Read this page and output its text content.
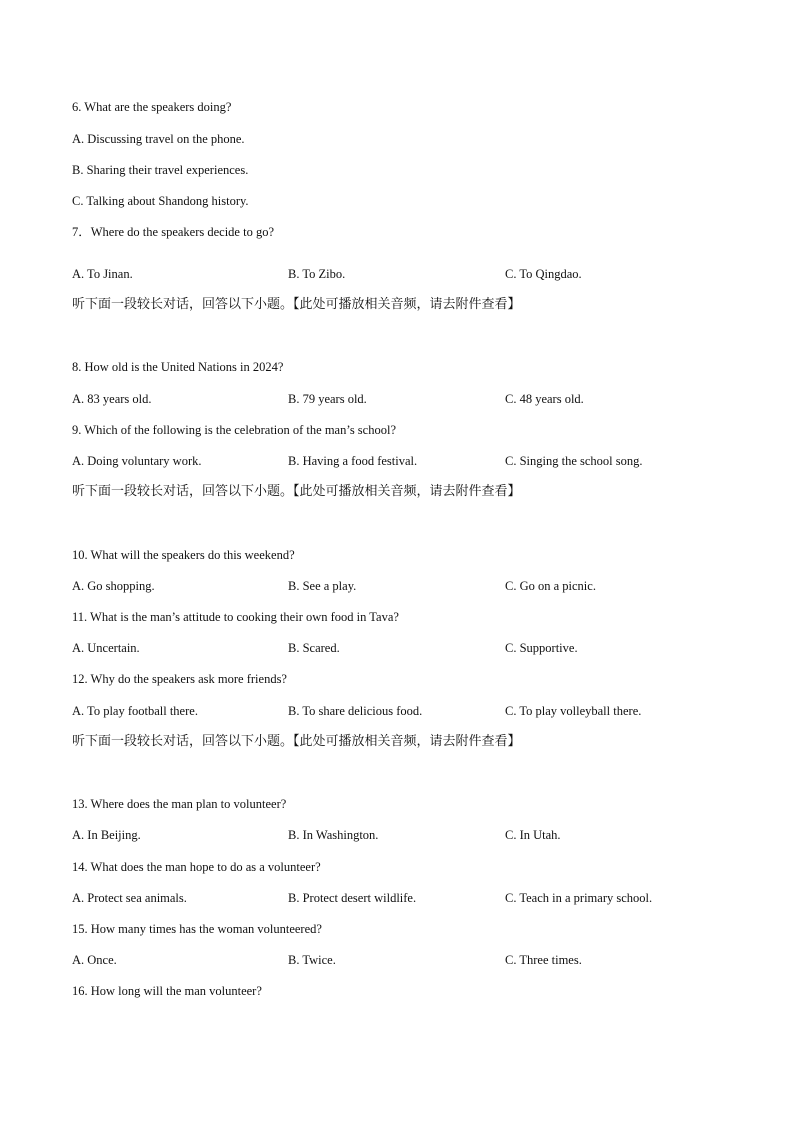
6. What are the speakers doing?
A. Discussing travel on the phone.
B. Sharing their travel experiences.
C. Talking about Shandong history.
7．Where do the speakers decide to go?
A. To Jinan.	B. To Zibo.	C. To Qingdao.
听下面一段较长对话，回答以下小题。【此处可播放相关音频，请去附件查看】
8. How old is the United Nations in 2024?
A. 83 years old.	B. 79 years old.	C. 48 years old.
9. Which of the following is the celebration of the man’s school?
A. Doing voluntary work.	B. Having a food festival.	C. Singing the school song.
听下面一段较长对话，回答以下小题。【此处可播放相关音频，请去附件查看】
10. What will the speakers do this weekend?
A. Go shopping.	B. See a play.	C. Go on a picnic.
11. What is the man’s attitude to cooking their own food in Tava?
A. Uncertain.	B. Scared.	C. Supportive.
12. Why do the speakers ask more friends?
A. To play football there.	B. To share delicious food.	C. To play volleyball there.
听下面一段较长对话，回答以下小题。【此处可播放相关音频，请去附件查看】
13. Where does the man plan to volunteer?
A. In Beijing.	B. In Washington.	C. In Utah.
14. What does the man hope to do as a volunteer?
A. Protect sea animals.	B. Protect desert wildlife.	C. Teach in a primary school.
15. How many times has the woman volunteered?
A. Once.	B. Twice.	C. Three times.
16. How long will the man volunteer?
